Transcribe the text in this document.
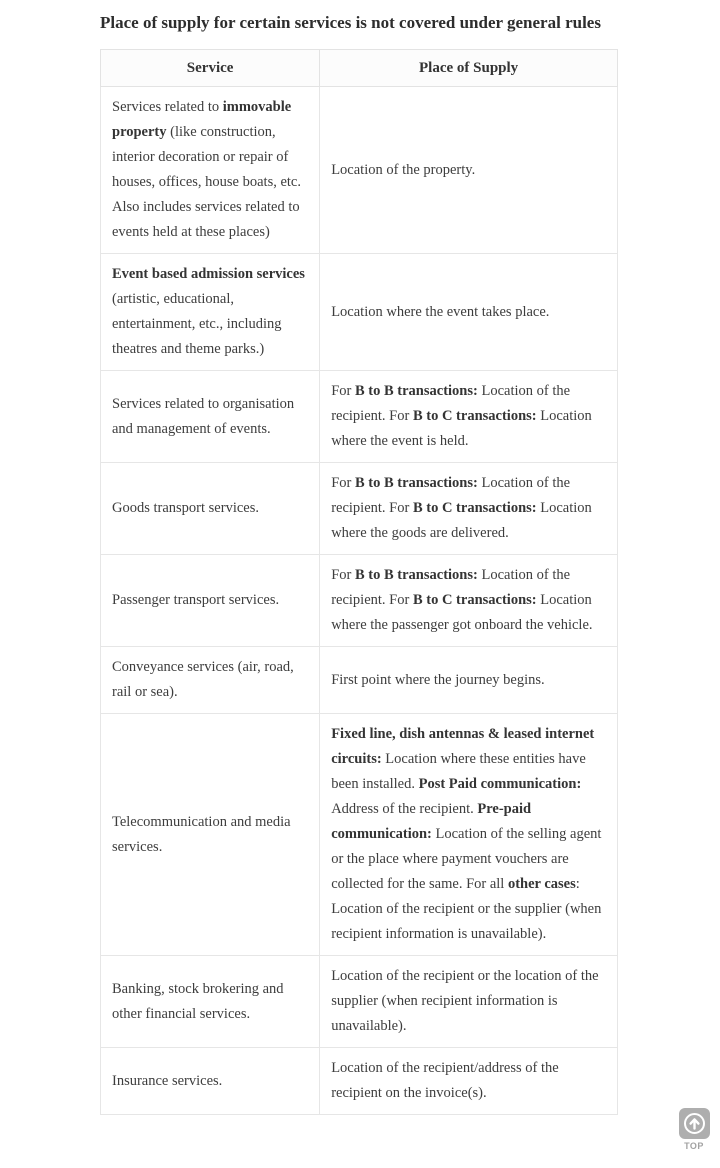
Place of supply for certain services is not covered under general rules
Service	Place of Supply
Services related to immovable property (like construction, interior decoration or repair of houses, offices, house boats, etc. Also includes services related to events held at these places)	Location of the property.
Event based admission services (artistic, educational, entertainment, etc., including theatres and theme parks.)	Location where the event takes place.
Services related to organisation and management of events.	For B to B transactions: Location of the recipient. For B to C transactions: Location where the event is held.
Goods transport services.	For B to B transactions: Location of the recipient. For B to C transactions: Location where the goods are delivered.
Passenger transport services.	For B to B transactions: Location of the recipient. For B to C transactions: Location where the passenger got onboard the vehicle.
Conveyance services (air, road, rail or sea).	First point where the journey begins.
Telecommunication and media services.	Fixed line, dish antennas & leased internet circuits: Location where these entities have been installed. Post Paid communication: Address of the recipient. Pre-paid communication: Location of the selling agent or the place where payment vouchers are collected for the same. For all other cases: Location of the recipient or the supplier (when recipient information is unavailable).
Banking, stock brokering and other financial services.	Location of the recipient or the location of the supplier (when recipient information is unavailable).
Insurance services.	Location of the recipient/address of the recipient on the invoice(s).
TOP
